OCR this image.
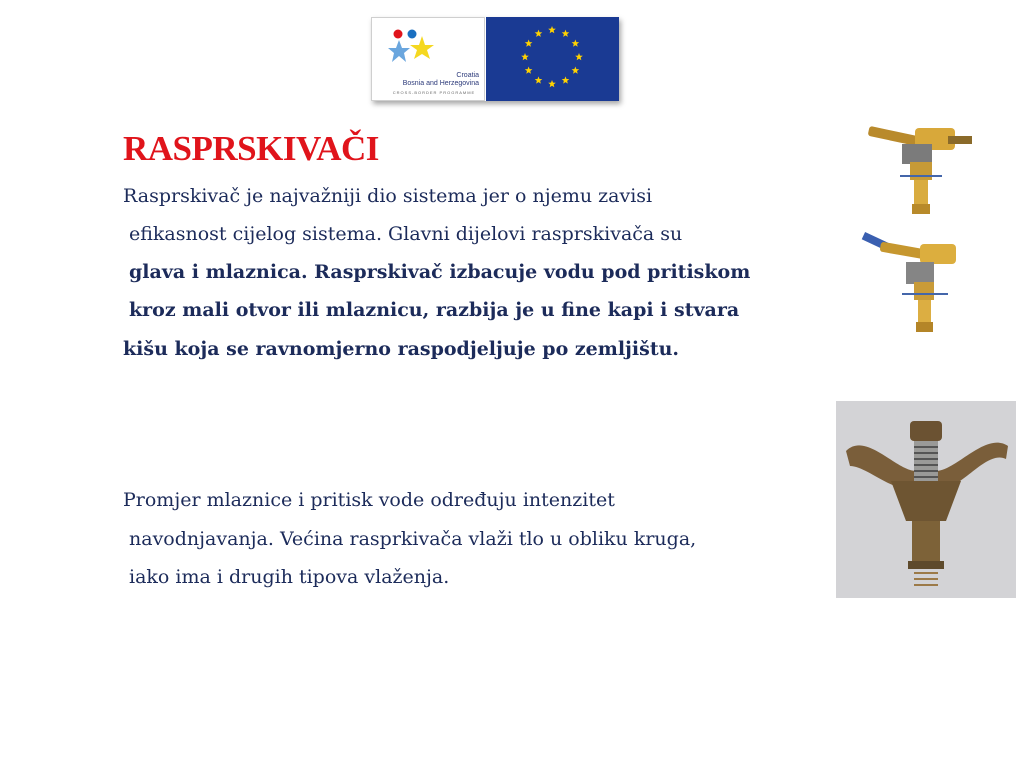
Croatia
Bosnia and Herzegovina
CROSS-BORDER PROGRAMME
RASPRSKIVAČI
Rasprskivač je najvažniji dio sistema jer o njemu zavisi
efikasnost cijelog sistema. Glavni dijelovi rasprskivača su
glava i mlaznica. Rasprskivač izbacuje vodu pod pritiskom
kroz mali otvor ili mlaznicu, razbija je u fine kapi i stvara
kišu koja se ravnomjerno raspodjeljuje po zemljištu.
Promjer mlaznice i pritisk vode određuju intenzitet
navodnjavanja. Većina rasprkivača vlaži tlo u obliku kruga,
iako ima i drugih tipova vlaženja.
